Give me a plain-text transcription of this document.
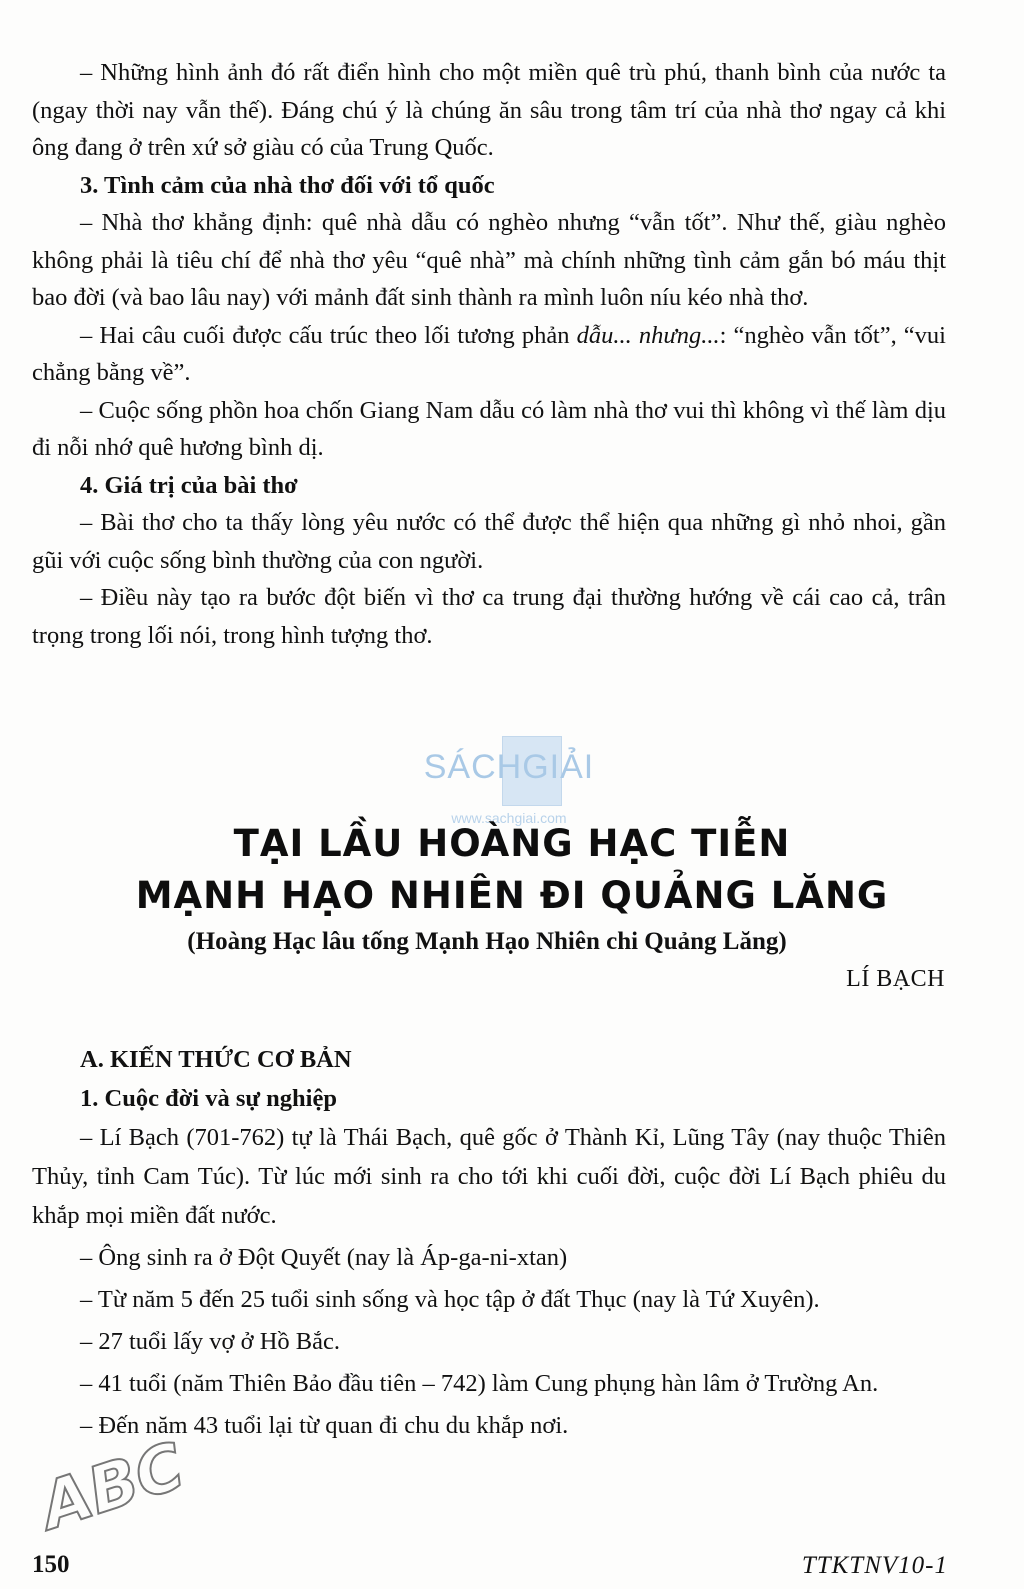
– Những hình ảnh đó rất điển hình cho một miền quê trù phú, thanh bình của nước ta (ngay thời nay vẫn thế). Đáng chú ý là chúng ăn sâu trong tâm trí của nhà thơ ngay cả khi ông đang ở trên xứ sở giàu có của Trung Quốc.

3. Tình cảm của nhà thơ đối với tổ quốc

– Nhà thơ khẳng định: quê nhà dẫu có nghèo nhưng “vẫn tốt”. Như thế, giàu nghèo không phải là tiêu chí để nhà thơ yêu “quê nhà” mà chính những tình cảm gắn bó máu thịt bao đời (và bao lâu nay) với mảnh đất sinh thành ra mình luôn níu kéo nhà thơ.

– Hai câu cuối được cấu trúc theo lối tương phản dẫu... nhưng...: “nghèo vẫn tốt”, “vui chẳng bằng về”.

– Cuộc sống phồn hoa chốn Giang Nam dẫu có làm nhà thơ vui thì không vì thế làm dịu đi nỗi nhớ quê hương bình dị.

4. Giá trị của bài thơ

– Bài thơ cho ta thấy lòng yêu nước có thể được thể hiện qua những gì nhỏ nhoi, gần gũi với cuộc sống bình thường của con người.

– Điều này tạo ra bước đột biến vì thơ ca trung đại thường hướng về cái cao cả, trân trọng trong lối nói, trong hình tượng thơ.

SÁCHGIẢI
www.sachgiai.com
TẠI LẦU HOÀNG HẠC TIỄN
MẠNH HẠO NHIÊN ĐI QUẢNG LĂNG
(Hoàng Hạc lâu tống Mạnh Hạo Nhiên chi Quảng Lăng)
LÍ BẠCH

A. KIẾN THỨC CƠ BẢN

1. Cuộc đời và sự nghiệp

– Lí Bạch (701-762) tự là Thái Bạch, quê gốc ở Thành Kỉ, Lũng Tây (nay thuộc Thiên Thủy, tỉnh Cam Túc). Từ lúc mới sinh ra cho tới khi cuối đời, cuộc đời Lí Bạch phiêu du khắp mọi miền đất nước.

– Ông sinh ra ở Đột Quyết (nay là Áp-ga-ni-xtan)

– Từ năm 5 đến 25 tuổi sinh sống và học tập ở đất Thục (nay là Tứ Xuyên).

– 27 tuổi lấy vợ ở Hồ Bắc.

– 41 tuổi (năm Thiên Bảo đầu tiên – 742) làm Cung phụng hàn lâm ở Trường An.

– Đến năm 43 tuổi lại từ quan đi chu du khắp nơi.

ABC
150	TTKTNV10-1
